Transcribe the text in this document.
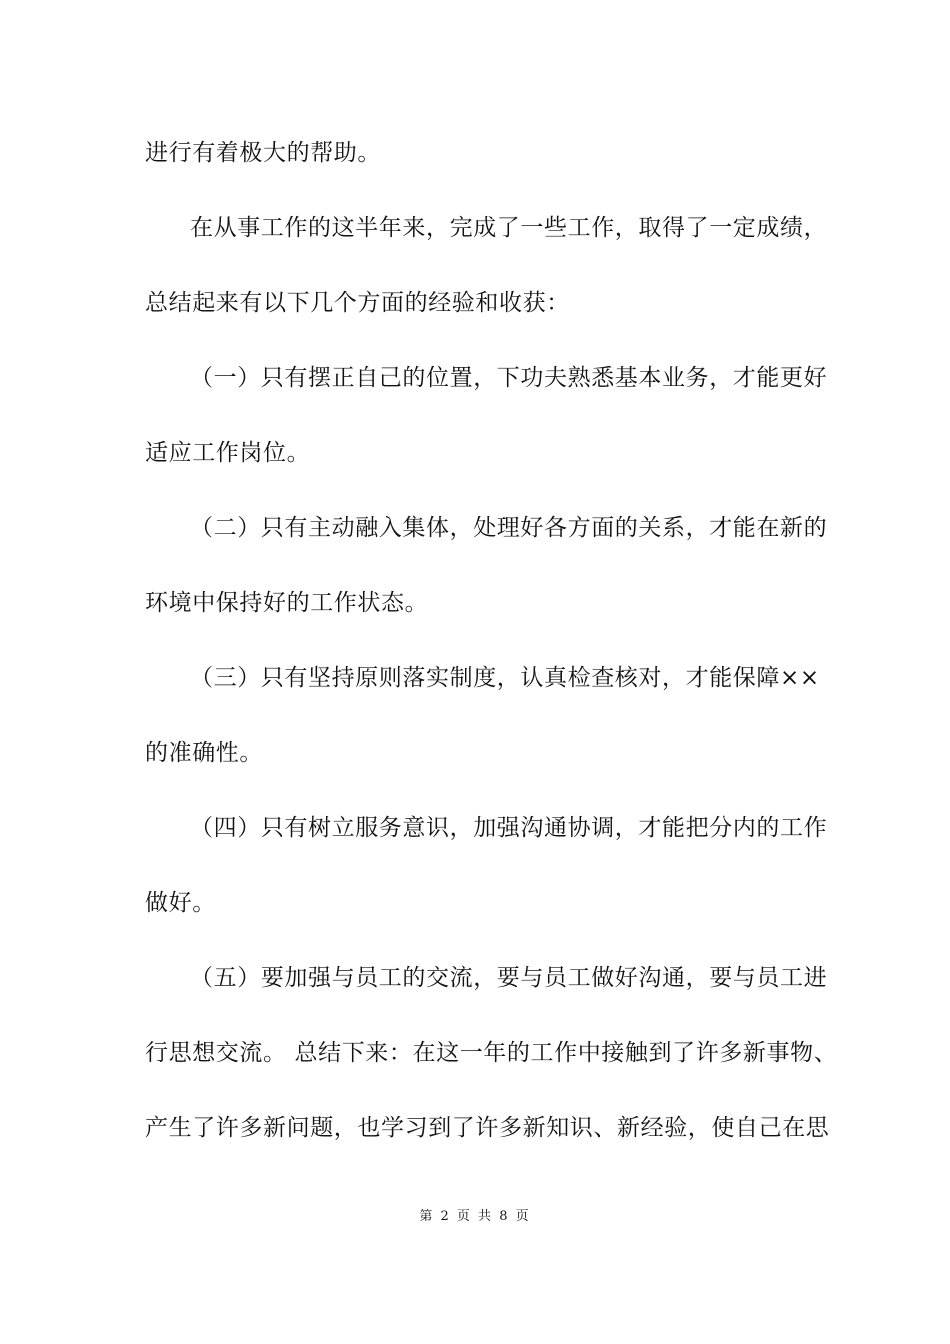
进行有着极大的帮助。
在从事工作的这半年来，完成了一些工作，取得了一定成绩，
总结起来有以下几个方面的经验和收获：
（一）只有摆正自己的位置，下功夫熟悉基本业务，才能更好
适应工作岗位。
（二）只有主动融入集体，处理好各方面的关系，才能在新的
环境中保持好的工作状态。
（三）只有坚持原则落实制度，认真检查核对，才能保障××
的准确性。
（四）只有树立服务意识，加强沟通协调，才能把分内的工作
做好。
（五）要加强与员工的交流，要与员工做好沟通，要与员工进
行思想交流。 总结下来：在这一年的工作中接触到了许多新事物、
产生了许多新问题，也学习到了许多新知识、新经验，使自己在思
第 2 页 共 8 页
